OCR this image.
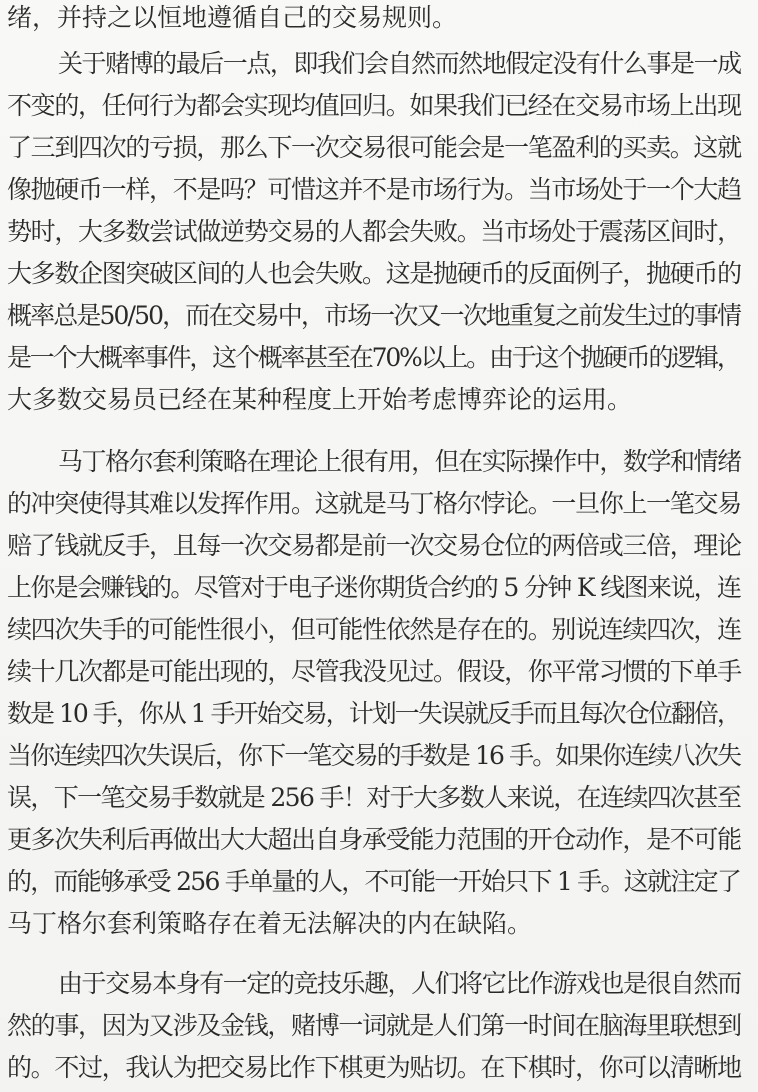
绪，并持之以恒地遵循自己的交易规则。
关于赌博的最后一点，即我们会自然而然地假定没有什么事是一成
不变的，任何行为都会实现均值回归。如果我们已经在交易市场上出现
了三到四次的亏损，那么下一次交易很可能会是一笔盈利的买卖。这就
像抛硬币一样，不是吗？可惜这并不是市场行为。当市场处于一个大趋
势时，大多数尝试做逆势交易的人都会失败。当市场处于震荡区间时，
大多数企图突破区间的人也会失败。这是抛硬币的反面例子，抛硬币的
概率总是50/50，而在交易中，市场一次又一次地重复之前发生过的事情
是一个大概率事件，这个概率甚至在70%以上。由于这个抛硬币的逻辑，
大多数交易员已经在某种程度上开始考虑博弈论的运用。
马丁格尔套利策略在理论上很有用，但在实际操作中，数学和情绪
的冲突使得其难以发挥作用。这就是马丁格尔悖论。一旦你上一笔交易
赔了钱就反手，且每一次交易都是前一次交易仓位的两倍或三倍，理论
上你是会赚钱的。尽管对于电子迷你期货合约的 5 分钟 K 线图来说，连
续四次失手的可能性很小，但可能性依然是存在的。别说连续四次，连
续十几次都是可能出现的，尽管我没见过。假设，你平常习惯的下单手
数是 10 手，你从 1 手开始交易，计划一失误就反手而且每次仓位翻倍，
当你连续四次失误后，你下一笔交易的手数是 16 手。如果你连续八次失
误，下一笔交易手数就是 256 手！对于大多数人来说，在连续四次甚至
更多次失利后再做出大大超出自身承受能力范围的开仓动作，是不可能
的，而能够承受 256 手单量的人，不可能一开始只下 1 手。这就注定了
马丁格尔套利策略存在着无法解决的内在缺陷。
由于交易本身有一定的竞技乐趣，人们将它比作游戏也是很自然而
然的事，因为又涉及金钱，赌博一词就是人们第一时间在脑海里联想到
的。不过，我认为把交易比作下棋更为贴切。在下棋时，你可以清晰地
